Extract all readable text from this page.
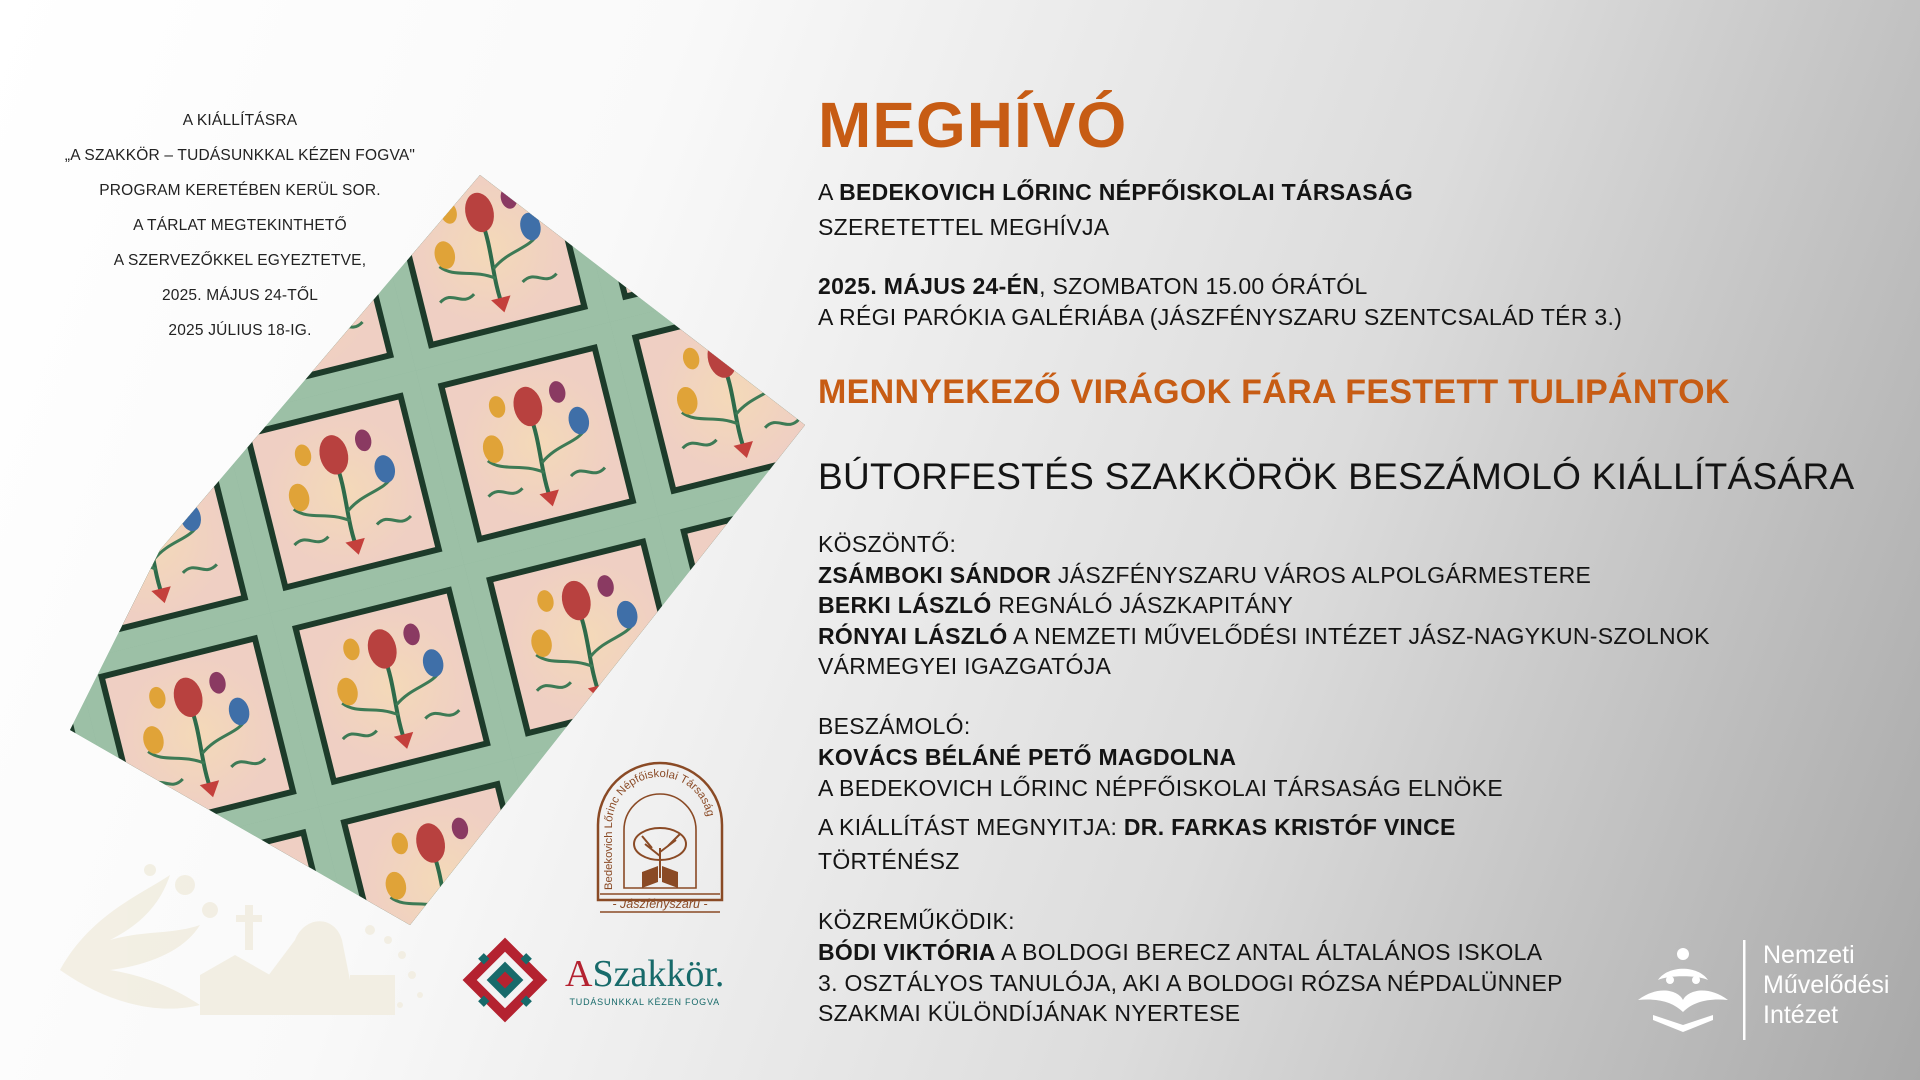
A KIÁLLÍTÁSRA
„A SZAKKÖR – TUDÁSUNKKAL KÉZEN FOGVA"
PROGRAM KERETÉBEN KERÜL SOR.
A TÁRLAT MEGTEKINTHETŐ
A SZERVEZŐKKEL EGYEZTETVE,
2025. MÁJUS 24-TŐL
2025 JÚLIUS 18-IG.
Bedekovich Lőrinc Népfőiskolai Társaság
- Jászfényszaru -
ASzakkör.
TUDÁSUNKKAL KÉZEN FOGVA
Nemzeti
Művelődési
Intézet
MEGHÍVÓ
A BEDEKOVICH LŐRINC NÉPFŐISKOLAI TÁRSASÁG
SZERETETTEL MEGHÍVJA
2025. MÁJUS 24-ÉN, SZOMBATON 15.00 ÓRÁTÓL
A RÉGI PARÓKIA GALÉRIÁBA (JÁSZFÉNYSZARU SZENTCSALÁD TÉR 3.)
MENNYEKEZŐ VIRÁGOK FÁRA FESTETT TULIPÁNTOK
BÚTORFESTÉS SZAKKÖRÖK BESZÁMOLÓ KIÁLLÍTÁSÁRA
KÖSZÖNTŐ:
ZSÁMBOKI SÁNDOR JÁSZFÉNYSZARU VÁROS ALPOLGÁRMESTERE
BERKI LÁSZLÓ REGNÁLÓ JÁSZKAPITÁNY
RÓNYAI LÁSZLÓ A NEMZETI MŰVELŐDÉSI INTÉZET JÁSZ-NAGYKUN-SZOLNOK
VÁRMEGYEI IGAZGATÓJA
BESZÁMOLÓ:
KOVÁCS BÉLÁNÉ PETŐ MAGDOLNA
A BEDEKOVICH LŐRINC NÉPFŐISKOLAI TÁRSASÁG ELNÖKE
A KIÁLLÍTÁST MEGNYITJA: DR. FARKAS KRISTÓF VINCE
TÖRTÉNÉSZ
KÖZREMŰKÖDIK:
BÓDI VIKTÓRIA A BOLDOGI BERECZ ANTAL ÁLTALÁNOS ISKOLA
3. OSZTÁLYOS TANULÓJA, AKI A BOLDOGI RÓZSA NÉPDALÜNNEP
SZAKMAI KÜLÖNDÍJÁNAK NYERTESE
